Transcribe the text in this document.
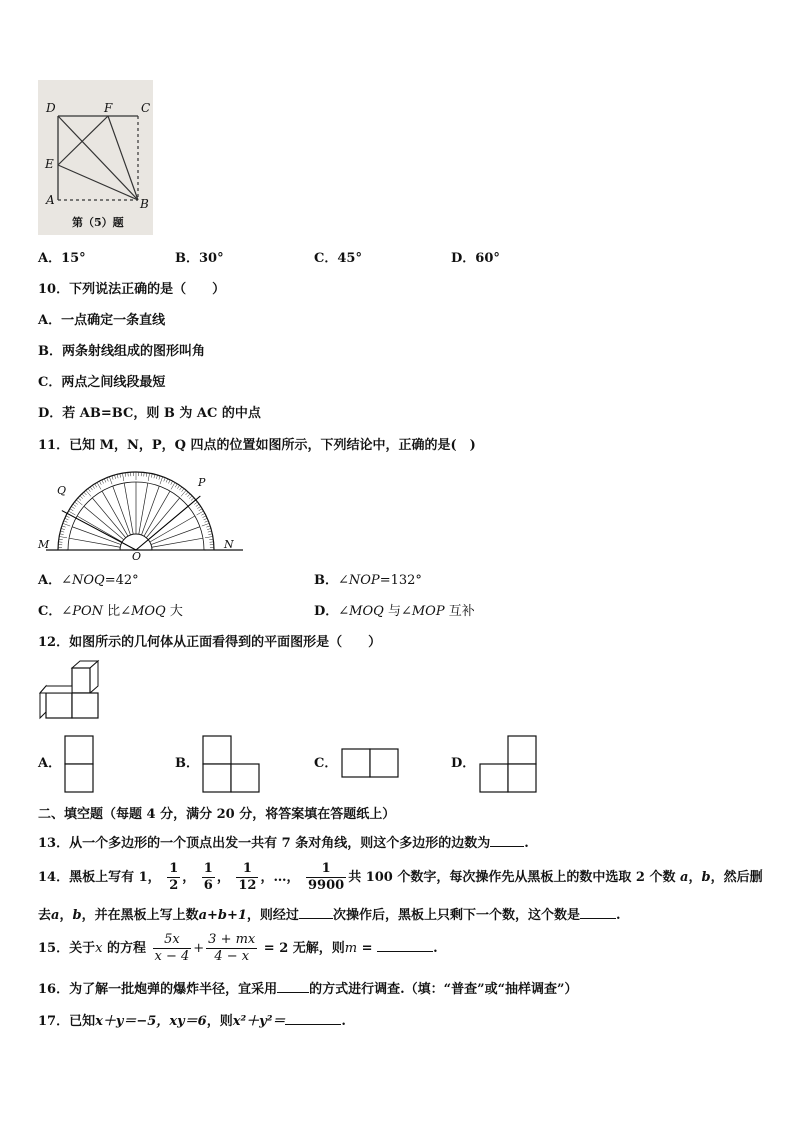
D	F C
E
A	B
第（5）题
A．15°	B．30°	C．45°	D．60°
10．下列说法正确的是（　　）
A．一点确定一条直线
B．两条射线组成的图形叫角
C．两点之间线段最短
D．若 AB=BC，则 B 为 AC 的中点
11．已知 M，N，P，Q 四点的位置如图所示，下列结论中，正确的是(　)
Q
P
M	N
O
A．∠NOQ=42°	B．∠NOP=132°
C．∠PON 比∠MOQ 大	D．∠MOQ 与∠MOP 互补
12．如图所示的几何体从正面看得到的平面图形是（　　）
A．	B．	C．	D．
二、填空题（每题 4 分，满分 20 分，将答案填在答题纸上）
13．从一个多边形的一个顶点出发一共有 7 条对角线，则这个多边形的边数为	.
14．黑板上写有 1， $\frac{1}{2}$ ， $\frac{1}{6}$ ， $\frac{1}{12}$ ，…， $\frac{1}{9900}$ 共 100 个数字，每次操作先从黑板上的数中选取 2 个数 a，b，然后删
去a，b，并在黑板上写上数a+b+1，则经过	次操作后，黑板上只剩下一个数，这个数是	.
15．关于x 的方程 $\frac{5x}{x - 4} + \frac{3 + mx}{4 - x} = 2$ 无解，则m =	.
16．为了解一批炮弹的爆炸半径，宜采用 的方式进行调查.（填：“普查”或“抽样调查”）
17．已知x＋y＝−5，xy＝6，则x²＋y²＝	.
